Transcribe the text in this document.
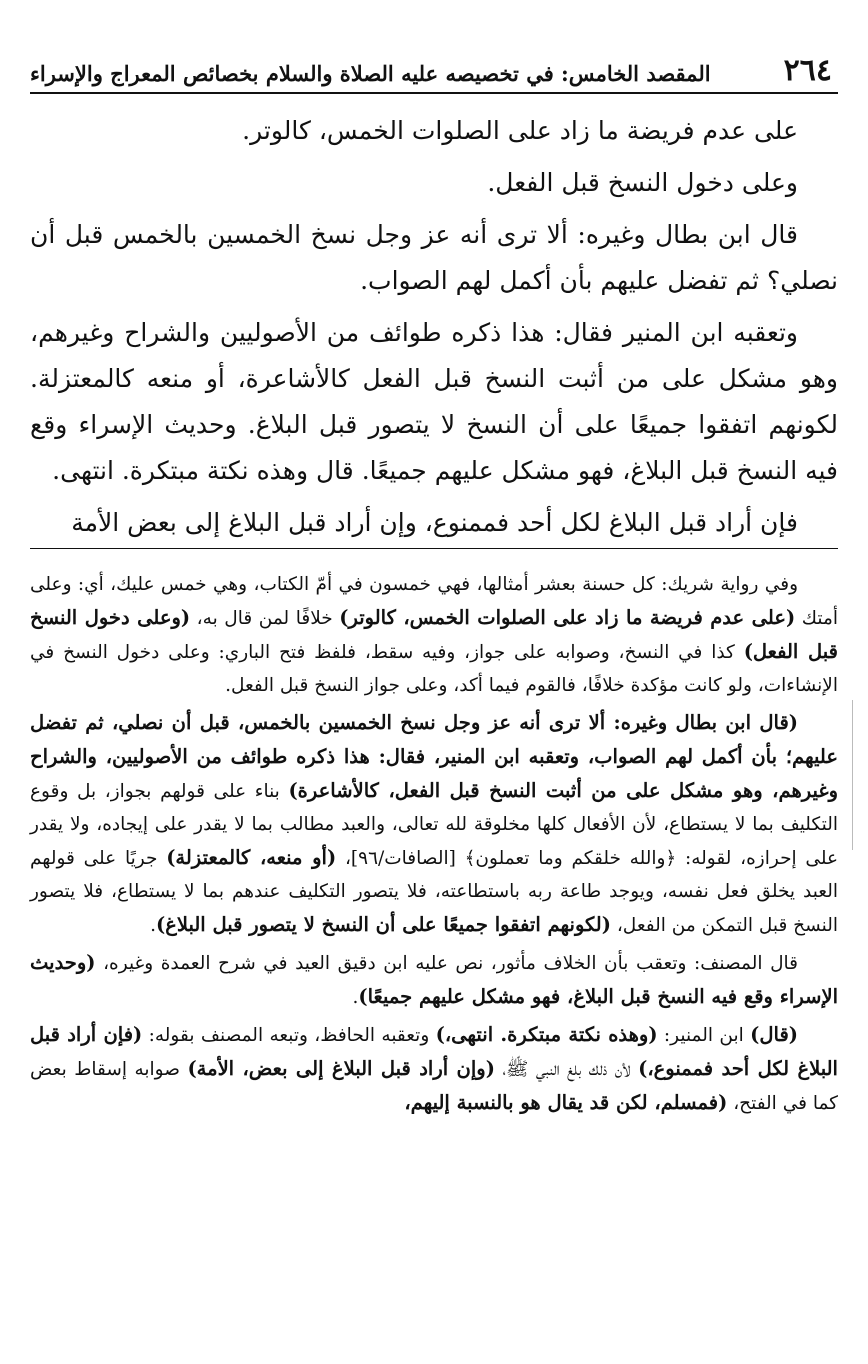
٢٦٤
المقصد الخامس: في تخصيصه عليه الصلاة والسلام بخصائص المعراج والإسراء

على عدم فريضة ما زاد على الصلوات الخمس، كالوتر.

وعلى دخول النسخ قبل الفعل.

قال ابن بطال وغيره: ألا ترى أنه عز وجل نسخ الخمسين بالخمس قبل أن نصلي؟ ثم تفضل عليهم بأن أكمل لهم الصواب.

وتعقبه ابن المنير فقال: هذا ذكره طوائف من الأصوليين والشراح وغيرهم، وهو مشكل على من أثبت النسخ قبل الفعل كالأشاعرة، أو منعه كالمعتزلة. لكونهم اتفقوا جميعًا على أن النسخ لا يتصور قبل البلاغ. وحديث الإسراء وقع فيه النسخ قبل البلاغ، فهو مشكل عليهم جميعًا. قال وهذه نكتة مبتكرة. انتهى.

فإن أراد قبل البلاغ لكل أحد فممنوع، وإن أراد قبل البلاغ إلى بعض الأمة

وفي رواية شريك: كل حسنة بعشر أمثالها، فهي خمسون في أمّ الكتاب، وهي خمس عليك، أي: وعلى أمتك (على عدم فريضة ما زاد على الصلوات الخمس، كالوتر) خلافًا لمن قال به، (وعلى دخول النسخ قبل الفعل) كذا في النسخ، وصوابه على جواز، وفيه سقط، فلفظ فتح الباري: وعلى دخول النسخ في الإنشاءات، ولو كانت مؤكدة خلافًا، فالقوم فيما أكد، وعلى جواز النسخ قبل الفعل.

(قال ابن بطال وغيره: ألا ترى أنه عز وجل نسخ الخمسين بالخمس، قبل أن نصلي، ثم تفضل عليهم؛ بأن أكمل لهم الصواب، وتعقبه ابن المنير، فقال: هذا ذكره طوائف من الأصوليين، والشراح وغيرهم، وهو مشكل على من أثبت النسخ قبل الفعل، كالأشاعرة) بناء على قولهم بجواز، بل وقوع التكليف بما لا يستطاع، لأن الأفعال كلها مخلوقة لله تعالى، والعبد مطالب بما لا يقدر على إيجاده، ولا يقدر على إحرازه، لقوله: ﴿والله خلقكم وما تعملون﴾ [الصافات/٩٦]، (أو منعه، كالمعتزلة) جريًا على قولهم العبد يخلق فعل نفسه، ويوجد طاعة ربه باستطاعته، فلا يتصور التكليف عندهم بما لا يستطاع، فلا يتصور النسخ قبل التمكن من الفعل، (لكونهم اتفقوا جميعًا على أن النسخ لا يتصور قبل البلاغ).

قال المصنف: وتعقب بأن الخلاف مأثور، نص عليه ابن دقيق العيد في شرح العمدة وغيره، (وحديث الإسراء وقع فيه النسخ قبل البلاغ، فهو مشكل عليهم جميعًا).

(قال) ابن المنير: (وهذه نكتة مبتكرة. انتهى،) وتعقبه الحافظ، وتبعه المصنف بقوله: (فإن أراد قبل البلاغ لكل أحد فممنوع،) لأن ذلك بلغ النبي ﷺ، (وإن أراد قبل البلاغ إلى بعض، الأمة) صوابه إسقاط بعض كما في الفتح، (فمسلم، لكن قد يقال هو بالنسبة إليهم،
